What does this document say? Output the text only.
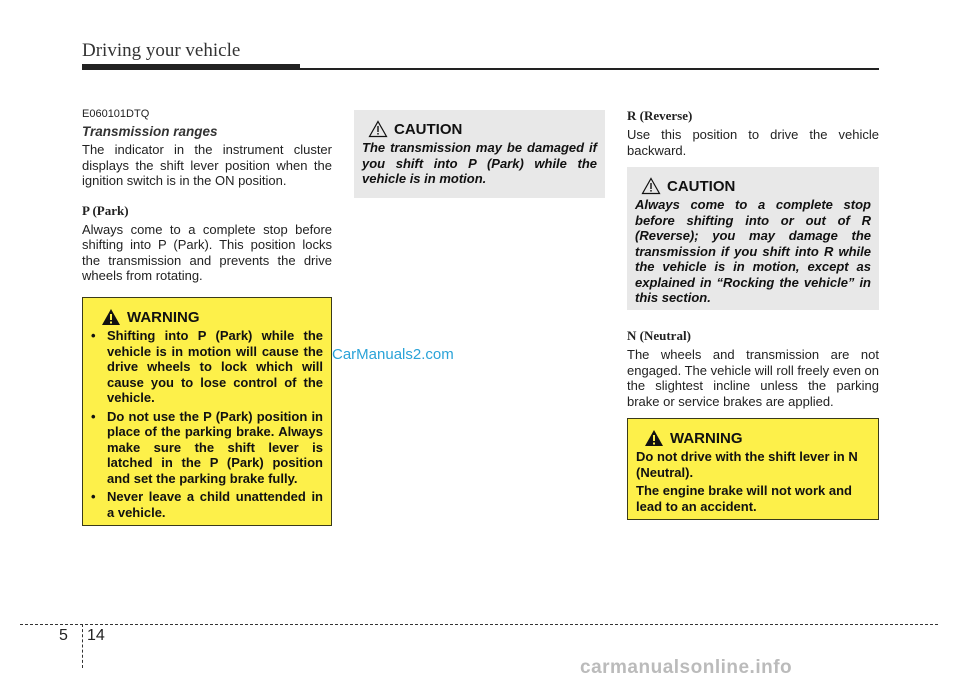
Driving your vehicle

E060101DTQ

Transmission ranges

The indicator in the instrument cluster displays the shift lever position when the ignition switch is in the ON position.

P (Park)

Always come to a complete stop before shifting into P (Park). This position locks the transmission and prevents the drive wheels from rotating.

WARNING
• Shifting into P (Park) while the vehicle is in motion will cause the drive wheels to lock which will cause you to lose control of the vehicle.
• Do not use the P (Park) position in place of the parking brake. Always make sure the shift lever is latched in the P (Park) position and set the parking brake fully.
• Never leave a child unattended in a vehicle.
CAUTION

The transmission may be damaged if you shift into P (Park) while the vehicle is in motion.

R (Reverse)

Use this position to drive the vehicle backward.

CAUTION

Always come to a complete stop before shifting into or out of R (Reverse); you may damage the transmission if you shift into R while the vehicle is in motion, except as explained in “Rocking the vehicle” in this section.

N (Neutral)

The wheels and transmission are not engaged. The vehicle will roll freely even on the slightest incline unless the parking brake or service brakes are applied.

WARNING

Do not drive with the shift lever in N (Neutral).

The engine brake will not work and lead to an accident.

CarManuals2.com
5 14
carmanualsonline.info
